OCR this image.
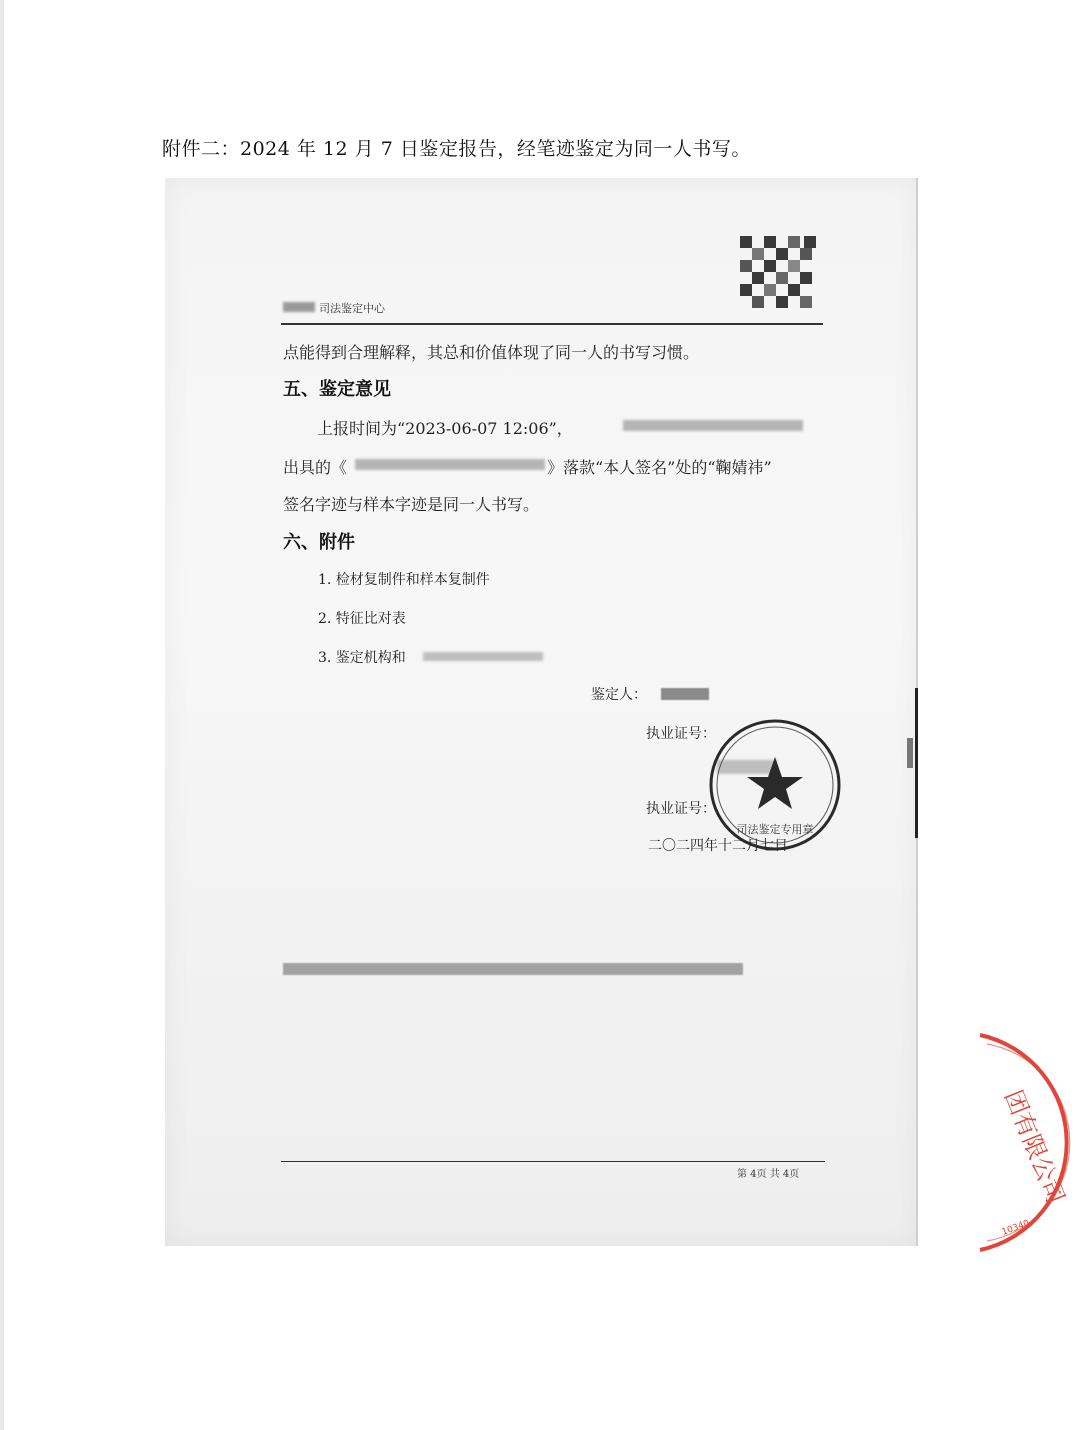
附件二：2024 年 12 月 7 日鉴定报告，经笔迹鉴定为同一人书写。
司法鉴定中心
点能得到合理解释，其总和价值体现了同一人的书写习惯。
五、鉴定意见
上报时间为“2023-06-07 12:06”，
出具的《	》落款“本人签名”处的“鞠婧祎”
签名字迹与样本字迹是同一人书写。
六、附件
1. 检材复制件和样本复制件
2. 特征比对表
3. 鉴定机构和
鉴定人：
执业证号：
执业证号：
二〇二四年十二月七日
第 4页 共 4页
司法鉴定专用章
团有限公司
10340
